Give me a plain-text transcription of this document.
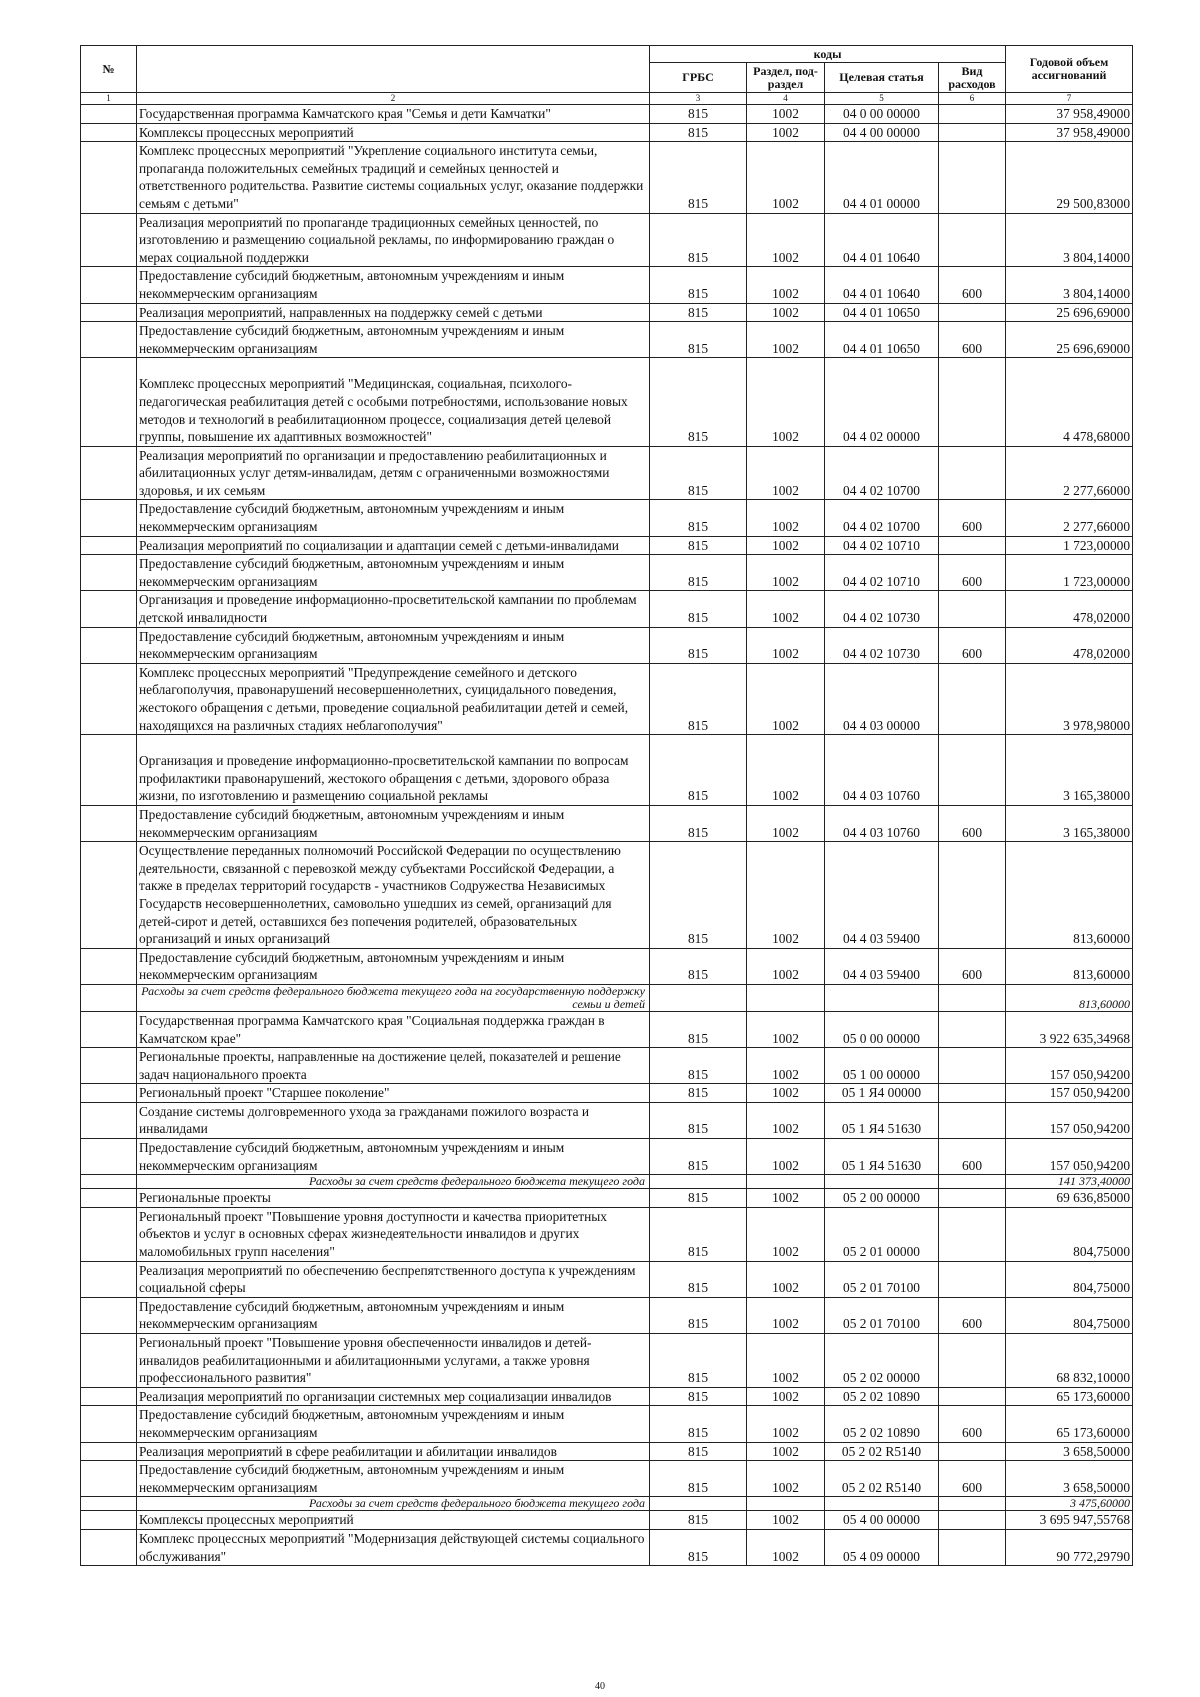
№		коды				Годовой объем ассигнований
		ГРБС	Раздел, под-раздел	Целевая статья	Вид расходов	
1	2	3	4	5	6	7
	Государственная программа Камчатского края "Семья и дети Камчатки"	815	1002	04 0 00 00000		37 958,49000
	Комплексы процессных мероприятий	815	1002	04 4 00 00000		37 958,49000
	Комплекс процессных мероприятий "Укрепление социального института семьи, пропаганда положительных семейных традиций и семейных ценностей и ответственного родительства. Развитие системы социальных услуг, оказание поддержки семьям с детьми"	815	1002	04 4 01 00000		29 500,83000
	Реализация мероприятий по пропаганде традиционных семейных ценностей, по изготовлению и размещению социальной рекламы, по информированию граждан о мерах социальной поддержки	815	1002	04 4 01 10640		3 804,14000
	Предоставление субсидий бюджетным, автономным учреждениям и иным некоммерческим организациям	815	1002	04 4 01 10640	600	3 804,14000
	Реализация мероприятий, направленных на поддержку семей с детьми	815	1002	04 4 01 10650		25 696,69000
	Предоставление субсидий бюджетным, автономным учреждениям и иным некоммерческим организациям	815	1002	04 4 01 10650	600	25 696,69000
	Комплекс процессных мероприятий "Медицинская, социальная, психолого-педагогическая реабилитация детей с особыми потребностями, использование новых методов и технологий в реабилитационном процессе, социализация детей целевой группы, повышение их адаптивных возможностей"	815	1002	04 4 02 00000		4 478,68000
	Реализация мероприятий по организации и предоставлению реабилитационных и абилитационных услуг детям-инвалидам, детям с ограниченными возможностями здоровья, и их семьям	815	1002	04 4 02 10700		2 277,66000
	Предоставление субсидий бюджетным, автономным учреждениям и иным некоммерческим организациям	815	1002	04 4 02 10700	600	2 277,66000
	Реализация мероприятий по социализации и адаптации семей с детьми-инвалидами	815	1002	04 4 02 10710		1 723,00000
	Предоставление субсидий бюджетным, автономным учреждениям и иным некоммерческим организациям	815	1002	04 4 02 10710	600	1 723,00000
	Организация и проведение информационно-просветительской кампании по проблемам детской инвалидности	815	1002	04 4 02 10730		478,02000
	Предоставление субсидий бюджетным, автономным учреждениям и иным некоммерческим организациям	815	1002	04 4 02 10730	600	478,02000
	Комплекс процессных мероприятий "Предупреждение семейного и детского неблагополучия, правонарушений несовершеннолетних, суицидального поведения, жестокого обращения с детьми, проведение социальной реабилитации детей и семей, находящихся на различных стадиях неблагополучия"	815	1002	04 4 03 00000		3 978,98000
	Организация и проведение информационно-просветительской кампании по вопросам профилактики правонарушений, жестокого обращения с детьми, здорового образа жизни, по изготовлению и размещению социальной рекламы	815	1002	04 4 03 10760		3 165,38000
	Предоставление субсидий бюджетным, автономным учреждениям и иным некоммерческим организациям	815	1002	04 4 03 10760	600	3 165,38000
	Осуществление переданных полномочий Российской Федерации по осуществлению деятельности, связанной с перевозкой между субъектами Российской Федерации, а также в пределах территорий государств - участников Содружества Независимых Государств несовершеннолетних, самовольно ушедших из семей, организаций для детей-сирот и детей, оставшихся без попечения родителей, образовательных организаций и иных организаций	815	1002	04 4 03 59400		813,60000
	Предоставление субсидий бюджетным, автономным учреждениям и иным некоммерческим организациям	815	1002	04 4 03 59400	600	813,60000
	Расходы за счет средств федерального бюджета текущего года на государственную поддержку семьи и детей					813,60000
	Государственная программа Камчатского края "Социальная поддержка граждан в Камчатском крае"	815	1002	05 0 00 00000		3 922 635,34968
	Региональные проекты, направленные на достижение целей, показателей и решение задач национального проекта	815	1002	05 1 00 00000		157 050,94200
	Региональный проект "Старшее поколение"	815	1002	05 1 Я4 00000		157 050,94200
	Создание системы долговременного ухода за гражданами пожилого возраста и инвалидами	815	1002	05 1 Я4 51630		157 050,94200
	Предоставление субсидий бюджетным, автономным учреждениям и иным некоммерческим организациям	815	1002	05 1 Я4 51630	600	157 050,94200
	Расходы за счет средств федерального бюджета текущего года					141 373,40000
	Региональные проекты	815	1002	05 2 00 00000		69 636,85000
	Региональный проект "Повышение уровня доступности и качества приоритетных объектов и услуг в основных сферах жизнедеятельности инвалидов и других маломобильных групп населения"	815	1002	05 2 01 00000		804,75000
	Реализация мероприятий по обеспечению беспрепятственного доступа к учреждениям социальной сферы	815	1002	05 2 01 70100		804,75000
	Предоставление субсидий бюджетным, автономным учреждениям и иным некоммерческим организациям	815	1002	05 2 01 70100	600	804,75000
	Региональный проект "Повышение уровня обеспеченности инвалидов и детей-инвалидов реабилитационными и абилитационными услугами, а также уровня профессионального развития"	815	1002	05 2 02 00000		68 832,10000
	Реализация мероприятий по организации системных мер социализации инвалидов	815	1002	05 2 02 10890		65 173,60000
	Предоставление субсидий бюджетным, автономным учреждениям и иным некоммерческим организациям	815	1002	05 2 02 10890	600	65 173,60000
	Реализация мероприятий в сфере реабилитации и абилитации инвалидов	815	1002	05 2 02 R5140		3 658,50000
	Предоставление субсидий бюджетным, автономным учреждениям и иным некоммерческим организациям	815	1002	05 2 02 R5140	600	3 658,50000
	Расходы за счет средств федерального бюджета текущего года					3 475,60000
	Комплексы процессных мероприятий	815	1002	05 4 00 00000		3 695 947,55768
	Комплекс процессных мероприятий "Модернизация действующей системы социального обслуживания"	815	1002	05 4 09 00000		90 772,29790
40
